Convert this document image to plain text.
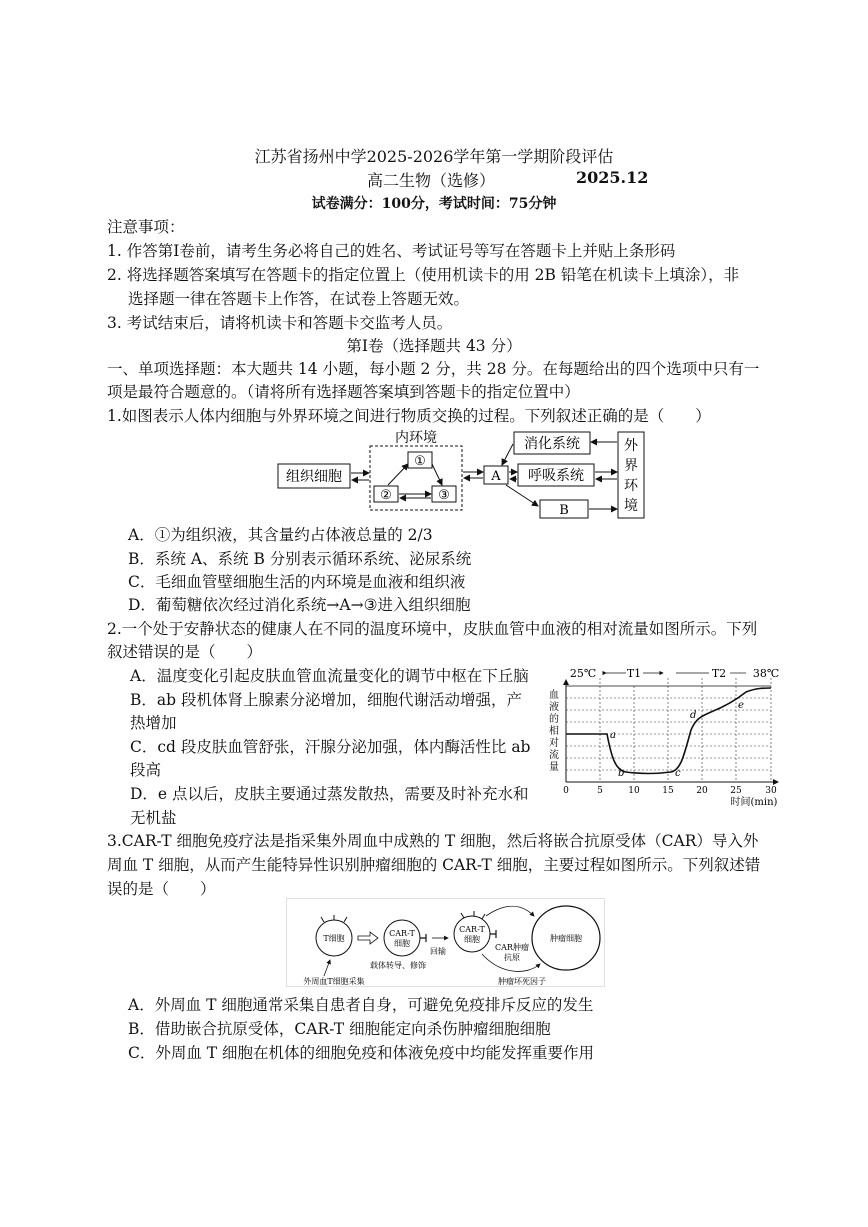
江苏省扬州中学2025-2026学年第一学期阶段评估
高二生物（选修）	2025.12
试卷满分：100分，考试时间：75分钟
注意事项：
1. 作答第Ⅰ卷前，请考生务必将自己的姓名、考试证号等写在答题卡上并贴上条形码
2. 将选择题答案填写在答题卡的指定位置上（使用机读卡的用 2B 铅笔在机读卡上填涂），非
选择题一律在答题卡上作答，在试卷上答题无效。
3. 考试结束后，请将机读卡和答题卡交监考人员。
第Ⅰ卷（选择题共 43 分）
一、单项选择题：本大题共 14 小题，每小题 2 分，共 28 分。在每题给出的四个选项中只有一
项是最符合题意的。（请将所有选择题答案填到答题卡的指定位置中）
1.如图表示人体内细胞与外界环境之间进行物质交换的过程。下列叙述正确的是（　　）
组织细胞
内环境
①
②	③
A
消化系统
呼吸系统
B
外
界
环
境
A．①为组织液，其含量约占体液总量的 2/3
B．系统 A、系统 B 分别表示循环系统、泌尿系统
C．毛细血管壁细胞生活的内环境是血液和组织液
D．葡萄糖依次经过消化系统→A→③进入组织细胞
2.一个处于安静状态的健康人在不同的温度环境中，皮肤血管中血液的相对流量如图所示。下列
叙述错误的是（　　）
A．温度变化引起皮肤血管血流量变化的调节中枢在下丘脑
B．ab 段机体肾上腺素分泌增加，细胞代谢活动增强，产
热增加
C．cd 段皮肤血管舒张，汗腺分泌加强，体内酶活性比 ab
段高
D．e 点以后，皮肤主要通过蒸发散热，需要及时补充水和
无机盐
25℃	T1	T2 38℃
血
液
的
相
对
流
量
0	5	10	15	20	25	30
时间(min)
a
b	c
d
e
3.CAR-T 细胞免疫疗法是指采集外周血中成熟的 T 细胞，然后将嵌合抗原受体（CAR）导入外
周血 T 细胞，从而产生能特异性识别肿瘤细胞的 CAR-T 细胞，主要过程如图所示。下列叙述错
误的是（　　）
T细胞
CAR-T
细胞
载体转导、修饰
回输
CAR-T
细胞
CAR肿瘤
抗原
肿瘤细胞
外周血T细胞采集	肿瘤坏死因子
A．外周血 T 细胞通常采集自患者自身，可避免免疫排斥反应的发生
B．借助嵌合抗原受体，CAR-T 细胞能定向杀伤肿瘤细胞细胞
C．外周血 T 细胞在机体的细胞免疫和体液免疫中均能发挥重要作用
